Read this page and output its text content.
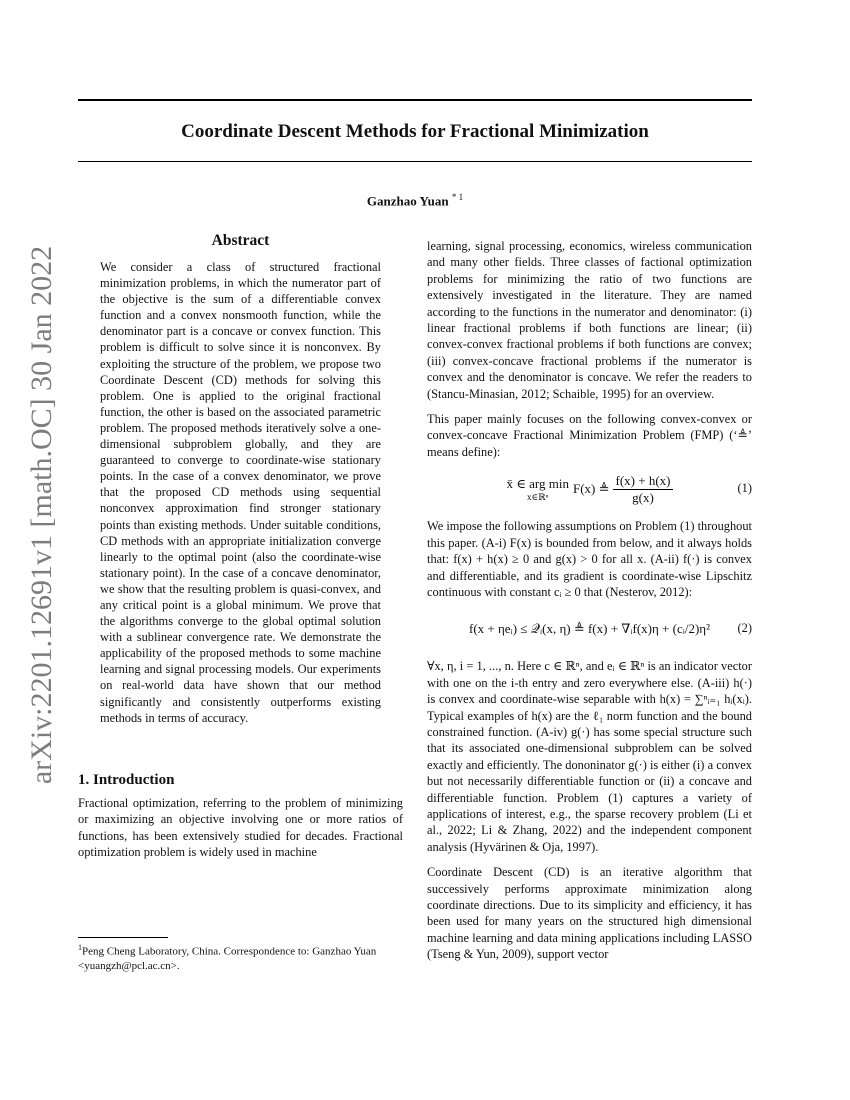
Coordinate Descent Methods for Fractional Minimization
Ganzhao Yuan $^{* 1}$
arXiv:2201.12691v1 [math.OC] 30 Jan 2022
Abstract

We consider a class of structured fractional minimization problems, in which the numerator part of the objective is the sum of a differentiable convex function and a convex nonsmooth function, while the denominator part is a concave or convex function. This problem is difficult to solve since it is nonconvex. By exploiting the structure of the problem, we propose two Coordinate Descent (CD) methods for solving this problem. One is applied to the original fractional function, the other is based on the associated parametric problem. The proposed methods iteratively solve a one-dimensional subproblem globally, and they are guaranteed to converge to coordinate-wise stationary points. In the case of a convex denominator, we prove that the proposed CD methods using sequential nonconvex approximation find stronger stationary points than existing methods. Under suitable conditions, CD methods with an appropriate initialization converge linearly to the optimal point (also the coordinate-wise stationary point). In the case of a concave denominator, we show that the resulting problem is quasi-convex, and any critical point is a global minimum. We prove that the algorithms converge to the global optimal solution with a sublinear convergence rate. We demonstrate the applicability of the proposed methods to some machine learning and signal processing models. Our experiments on real-world data have shown that our method significantly and consistently outperforms existing methods in terms of accuracy.

1. Introduction

Fractional optimization, referring to the problem of minimizing or maximizing an objective involving one or more ratios of functions, has been extensively studied for decades. Fractional optimization problem is widely used in machine

learning, signal processing, economics, wireless communication and many other fields. Three classes of factional optimization problems for minimizing the ratio of two functions are extensively investigated in the literature. They are named according to the functions in the numerator and denominator: (i) linear fractional problems if both functions are linear; (ii) convex-convex fractional problems if both functions are convex; (iii) convex-concave fractional problems if the numerator is convex and the denominator is concave. We refer the readers to (Stancu-Minasian, 2012; Schaible, 1995) for an overview.

This paper mainly focuses on the following convex-convex or convex-concave Fractional Minimization Problem (FMP) (‘≜’ means define):

x̄ ∈ arg min
x∈ℝⁿ
F(x) ≜ $\frac{f(x) + h(x)}{g(x)}$	(1)

We impose the following assumptions on Problem (1) throughout this paper. (A-i) F(x) is bounded from below, and it always holds that: f(x) + h(x) ≥ 0 and g(x) > 0 for all x. (A-ii) f(·) is convex and differentiable, and its gradient is coordinate-wise Lipschitz continuous with constant cᵢ ≥ 0 that (Nesterov, 2012):

f(x + ηeᵢ) ≤ 𝒬ᵢ(x, η) ≜ f(x) + ∇ᵢf(x)η + (cᵢ/2)η² (2)

∀x, η, i = 1, ..., n. Here c ∈ ℝⁿ, and eᵢ ∈ ℝⁿ is an indicator vector with one on the i-th entry and zero everywhere else. (A-iii) h(·) is convex and coordinate-wise separable with h(x) = ∑ⁿᵢ₌₁ hᵢ(xᵢ). Typical examples of h(x) are the ℓ₁ norm function and the bound constrained function. (A-iv) g(·) has some special structure such that its associated one-dimensional subproblem can be solved exactly and efficiently. The dononinator g(·) is either (i) a convex but not necessarily differentiable function or (ii) a concave and differentiable function. Problem (1) captures a variety of applications of interest, e.g., the sparse recovery problem (Li et al., 2022; Li & Zhang, 2022) and the independent component analysis (Hyvärinen & Oja, 1997).

Coordinate Descent (CD) is an iterative algorithm that successively performs approximate minimization along coordinate directions. Due to its simplicity and efficiency, it has been used for many years on the structured high dimensional machine learning and data mining applications including LASSO (Tseng & Yun, 2009), support vector

$^1$Peng Cheng Laboratory, China. Correspondence to: Ganzhao Yuan <yuangzh@pcl.ac.cn>.
